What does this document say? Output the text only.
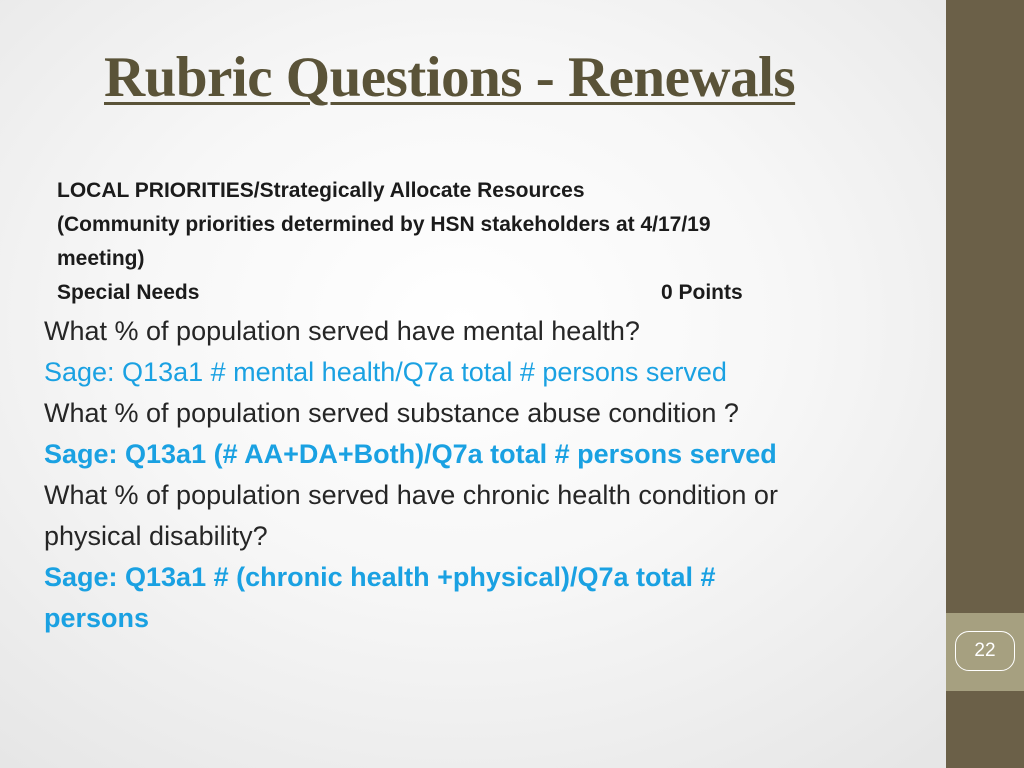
22
Rubric Questions - Renewals
LOCAL PRIORITIES/Strategically Allocate Resources
(Community priorities determined by HSN stakeholders at 4/17/19
meeting)
Special Needs	0 Points
What % of population served have mental health?
Sage: Q13a1 # mental health/Q7a total # persons served
What % of population served substance abuse condition ?
Sage: Q13a1 (# AA+DA+Both)/Q7a total # persons served
What % of population served have chronic health condition or
physical disability?
Sage: Q13a1 # (chronic health +physical)/Q7a total #
persons
